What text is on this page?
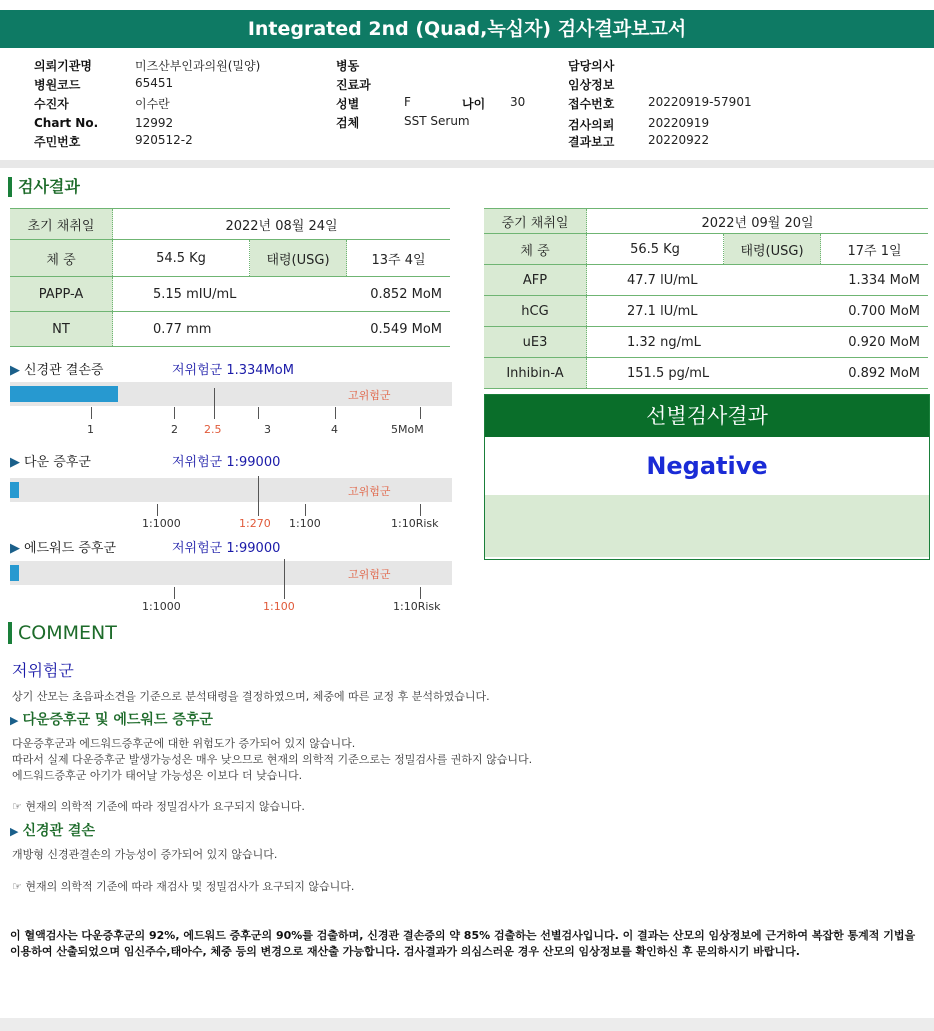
Integrated 2nd (Quad,녹십자) 검사결과보고서
의뢰기관명	미즈산부인과의원(밀양)
병원코드	65451
수진자	이수란
Chart No.	12992
주민번호	920512-2
병동
진료과
성별	F	나이 30
검체	SST Serum
담당의사
임상정보
접수번호	20220919-57901
검사의뢰	20220919
결과보고	20220922
검사결과
초기 채취일	2022년 08월 24일		
체 중	54.5 Kg	태령(USG)	13주 4일
PAPP-A	5.15 mIU/mL		0.852 MoM
NT	0.77 mm		0.549 MoM
중기 채취일	2022년 09월 20일		
체 중	56.5 Kg	태령(USG)	17주 1일
AFP	47.7 lU/mL		1.334 MoM
hCG	27.1 lU/mL		0.700 MoM
uE3	1.32 ng/mL		0.920 MoM
Inhibin-A	151.5 pg/mL		0.892 MoM
▶ 신경관 결손증	저위험군 1.334MoM
고위험군
1	2 2.5	3	4	5MoM
▶ 다운 증후군	저위험군 1:99000
고위험군
1:1000	1:270 1:100	1:10Risk
▶ 에드워드 증후군	저위험군 1:99000
고위험군
1:1000	1:100	1:10Risk
선별검사결과
Negative
COMMENT
저위험군
상기 산모는 초음파소견을 기준으로 분석태령을 결정하였으며, 체중에 따른 교정 후 분석하였습니다.
▶ 다운증후군 및 에드워드 증후군
다운증후군과 에드워드증후군에 대한 위험도가 증가되어 있지 않습니다.
따라서 실제 다운증후군 발생가능성은 매우 낮으므로 현재의 의학적 기준으로는 정밀검사를 권하지 않습니다.
에드워드증후군 아기가 태어날 가능성은 이보다 더 낮습니다.
☞ 현재의 의학적 기준에 따라 정밀검사가 요구되지 않습니다.
▶ 신경관 결손
개방형 신경관결손의 가능성이 증가되어 있지 않습니다.
☞ 현재의 의학적 기준에 따라 재검사 및 정밀검사가 요구되지 않습니다.
이 혈액검사는 다운증후군의 92%, 에드워드 증후군의 90%를 검출하며, 신경관 결손증의 약 85% 검출하는 선별검사입니다. 이 결과는 산모의 임상정보에 근거하여 복잡한 통계적 기법을 이용하여 산출되었으며 임신주수,태아수, 체중 등의 변경으로 재산출 가능합니다. 검사결과가 의심스러운 경우 산모의 임상정보를 확인하신 후 문의하시기 바랍니다.
